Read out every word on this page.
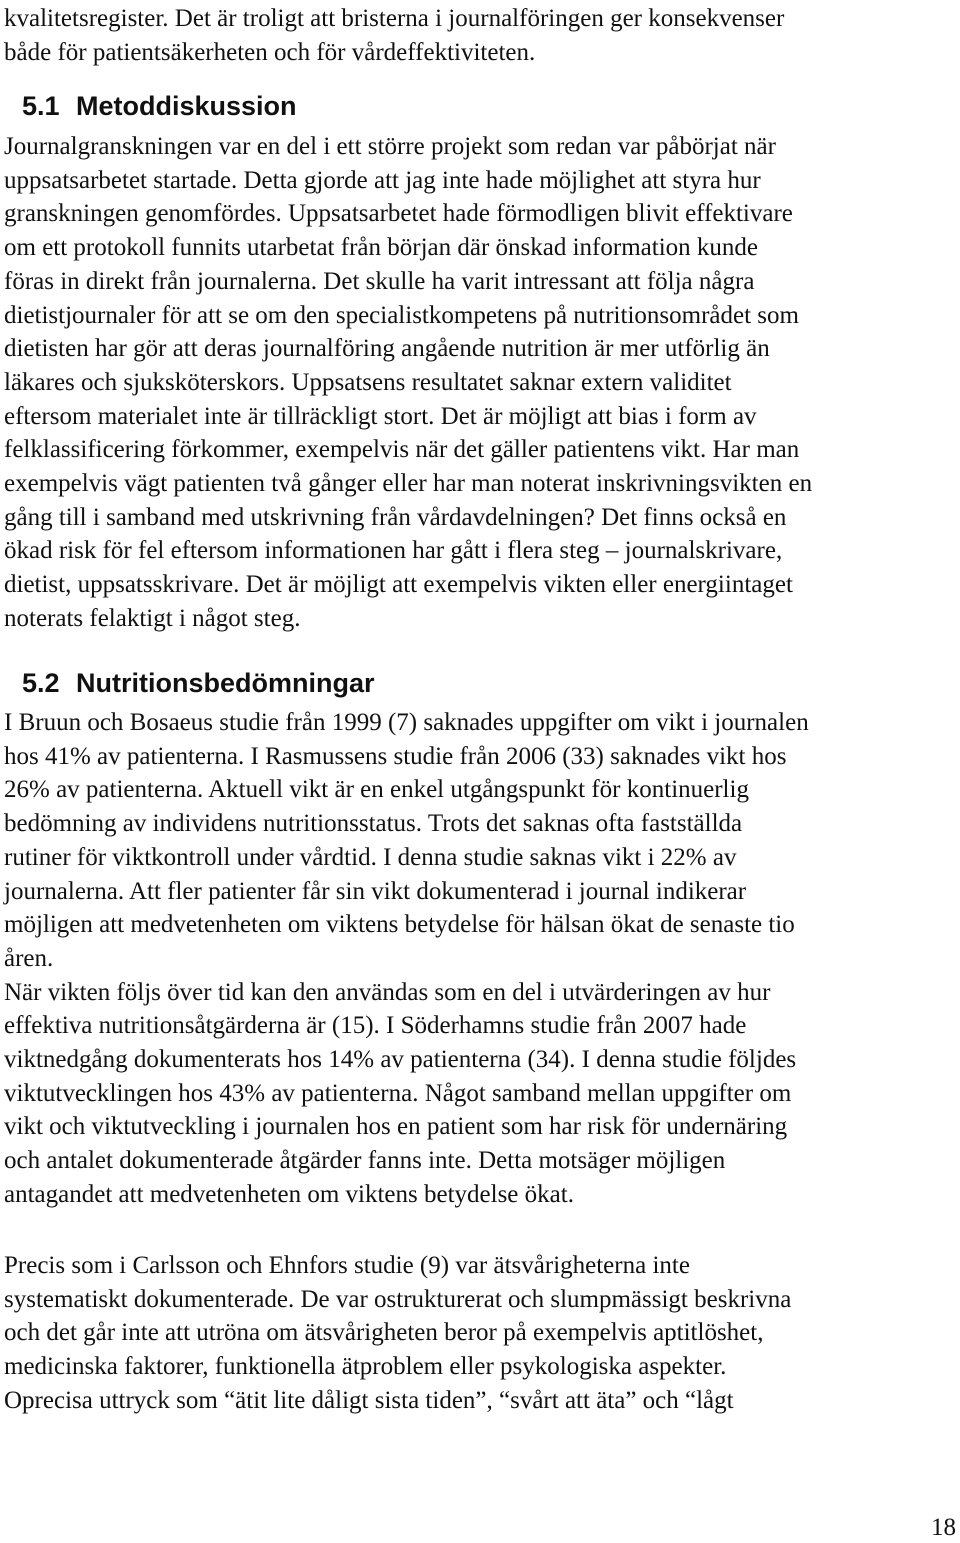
kvalitetsregister. Det är troligt att bristerna i journalföringen ger konsekvenser
både för patientsäkerheten och för vårdeffektiviteten.
5.1 Metoddiskussion
Journalgranskningen var en del i ett större projekt som redan var påbörjat när
uppsatsarbetet startade. Detta gjorde att jag inte hade möjlighet att styra hur
granskningen genomfördes. Uppsatsarbetet hade förmodligen blivit effektivare
om ett protokoll funnits utarbetat från början där önskad information kunde
föras in direkt från journalerna. Det skulle ha varit intressant att följa några
dietistjournaler för att se om den specialistkompetens på nutritionsområdet som
dietisten har gör att deras journalföring angående nutrition är mer utförlig än
läkares och sjuksköterskors. Uppsatsens resultatet saknar extern validitet
eftersom materialet inte är tillräckligt stort. Det är möjligt att bias i form av
felklassificering förkommer, exempelvis när det gäller patientens vikt. Har man
exempelvis vägt patienten två gånger eller har man noterat inskrivningsvikten en
gång till i samband med utskrivning från vårdavdelningen? Det finns också en
ökad risk för fel eftersom informationen har gått i flera steg – journalskrivare,
dietist, uppsatsskrivare. Det är möjligt att exempelvis vikten eller energiintaget
noterats felaktigt i något steg.
5.2 Nutritionsbedömningar
I Bruun och Bosaeus studie från 1999 (7) saknades uppgifter om vikt i journalen
hos 41% av patienterna. I Rasmussens studie från 2006 (33) saknades vikt hos
26% av patienterna. Aktuell vikt är en enkel utgångspunkt för kontinuerlig
bedömning av individens nutritionsstatus. Trots det saknas ofta fastställda
rutiner för viktkontroll under vårdtid. I denna studie saknas vikt i 22% av
journalerna. Att fler patienter får sin vikt dokumenterad i journal indikerar
möjligen att medvetenheten om viktens betydelse för hälsan ökat de senaste tio
åren.
När vikten följs över tid kan den användas som en del i utvärderingen av hur
effektiva nutritionsåtgärderna är (15). I Söderhamns studie från 2007 hade
viktnedgång dokumenterats hos 14% av patienterna (34). I denna studie följdes
viktutvecklingen hos 43% av patienterna. Något samband mellan uppgifter om
vikt och viktutveckling i journalen hos en patient som har risk för undernäring
och antalet dokumenterade åtgärder fanns inte. Detta motsäger möjligen
antagandet att medvetenheten om viktens betydelse ökat.
Precis som i Carlsson och Ehnfors studie (9) var ätsvårigheterna inte
systematiskt dokumenterade. De var ostrukturerat och slumpmässigt beskrivna
och det går inte att utröna om ätsvårigheten beror på exempelvis aptitlöshet,
medicinska faktorer, funktionella ätproblem eller psykologiska aspekter.
Oprecisa uttryck som “ätit lite dåligt sista tiden”, “svårt att äta” och “lågt
18
